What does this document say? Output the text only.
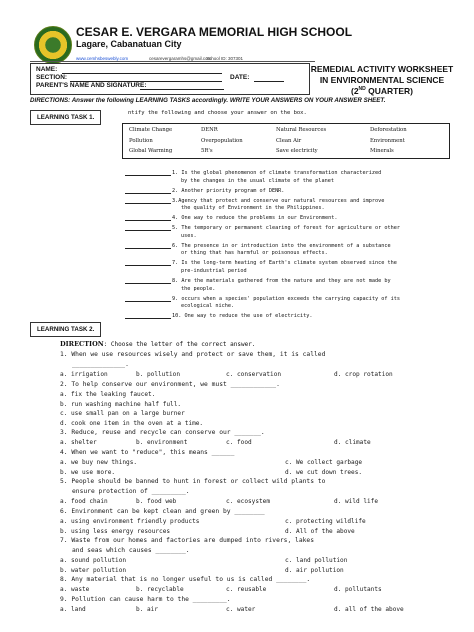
CESAR E. VERGARA MEMORIAL HIGH SCHOOL
Lagare, Cabanatuan City
www.cemhsbeswebly.com	cesarevergaramhs@gmail.com
School ID: 307301
NAME:
SECTION:	DATE:
PARENT'S NAME AND SIGNATURE:
REMEDIAL ACTIVITY WORKSHEET
IN ENVIRONMENTAL SCIENCE
(2ND QUARTER)
DIRECTIONS: Answer the following LEARNING TASKS accordingly. WRITE YOUR ANSWERS ON YOUR ANSWER SHEET.
LEARNING TASK 1.
ntify the following and choose your answer on the box.
Climate Change	DENR	Natural Resources	Deforestation
Pollution	Overpopulation	Clean Air	Environment
Global Warming	5R's	Save electricity	Minerals
1. Is the global phenomenon of climate transformation characterized
by the changes in the usual climate of the planet
2. Another priority program of DENR.
3.Agency that protect and conserve our natural resources and improve
the quality of Environment in the Philippines.
4. One way to reduce the problems in our Environment.
5. The temporary or permanent clearing of forest for agriculture or other
uses.
6. The presence in or introduction into the environment of a substance
or thing that has harmful or poisonous effects.
7. Is the long-term heating of Earth's climate system observed since the
pre-industrial period
8. Are the materials gathered from the nature and they are not made by
the people.
9. occurs when a species' population exceeds the carrying capacity of its
ecological niche.
10. One way to reduce the use of electricity.
LEARNING TASK 2.
DIRECTION: Choose the letter of the correct answer.
1. When we use resources wisely and protect or save them, it is called
______________.
a. irrigation	b. pollution	c. conservation	d. crop rotation
2. To help conserve our environment, we must ____________.
a. fix the leaking faucet.
b. run washing machine half full.
c. use small pan on a large burner
d. cook one item in the oven at a time.
3. Reduce, reuse and recycle can conserve our _______.
a. shelter	b. environment	c. food	d. climate
4. When we want to "reduce", this means ______
a. we buy new things.	c. We collect garbage
b. we use more.	d. we cut down trees.
5. People should be banned to hunt in forest or collect wild plants to
ensure protection of _________.
a. food chain	b. food web	c. ecosystem	d. wild life
6. Environment can be kept clean and green by ________
a. using environment friendly products	c. protecting wildlife
b. using less energy resources	d. All of the above
7. Waste from our homes and factories are dumped into rivers, lakes
and seas which causes ________.
a. sound pollution	c. land pollution
b. water pollution	d. air pollution
8. Any material that is no longer useful to us is called ________.
a. waste	b. recyclable	c. reusable	d. pollutants
9. Pollution can cause harm to the _________.
a. land	b. air	c. water	d. all of the above
